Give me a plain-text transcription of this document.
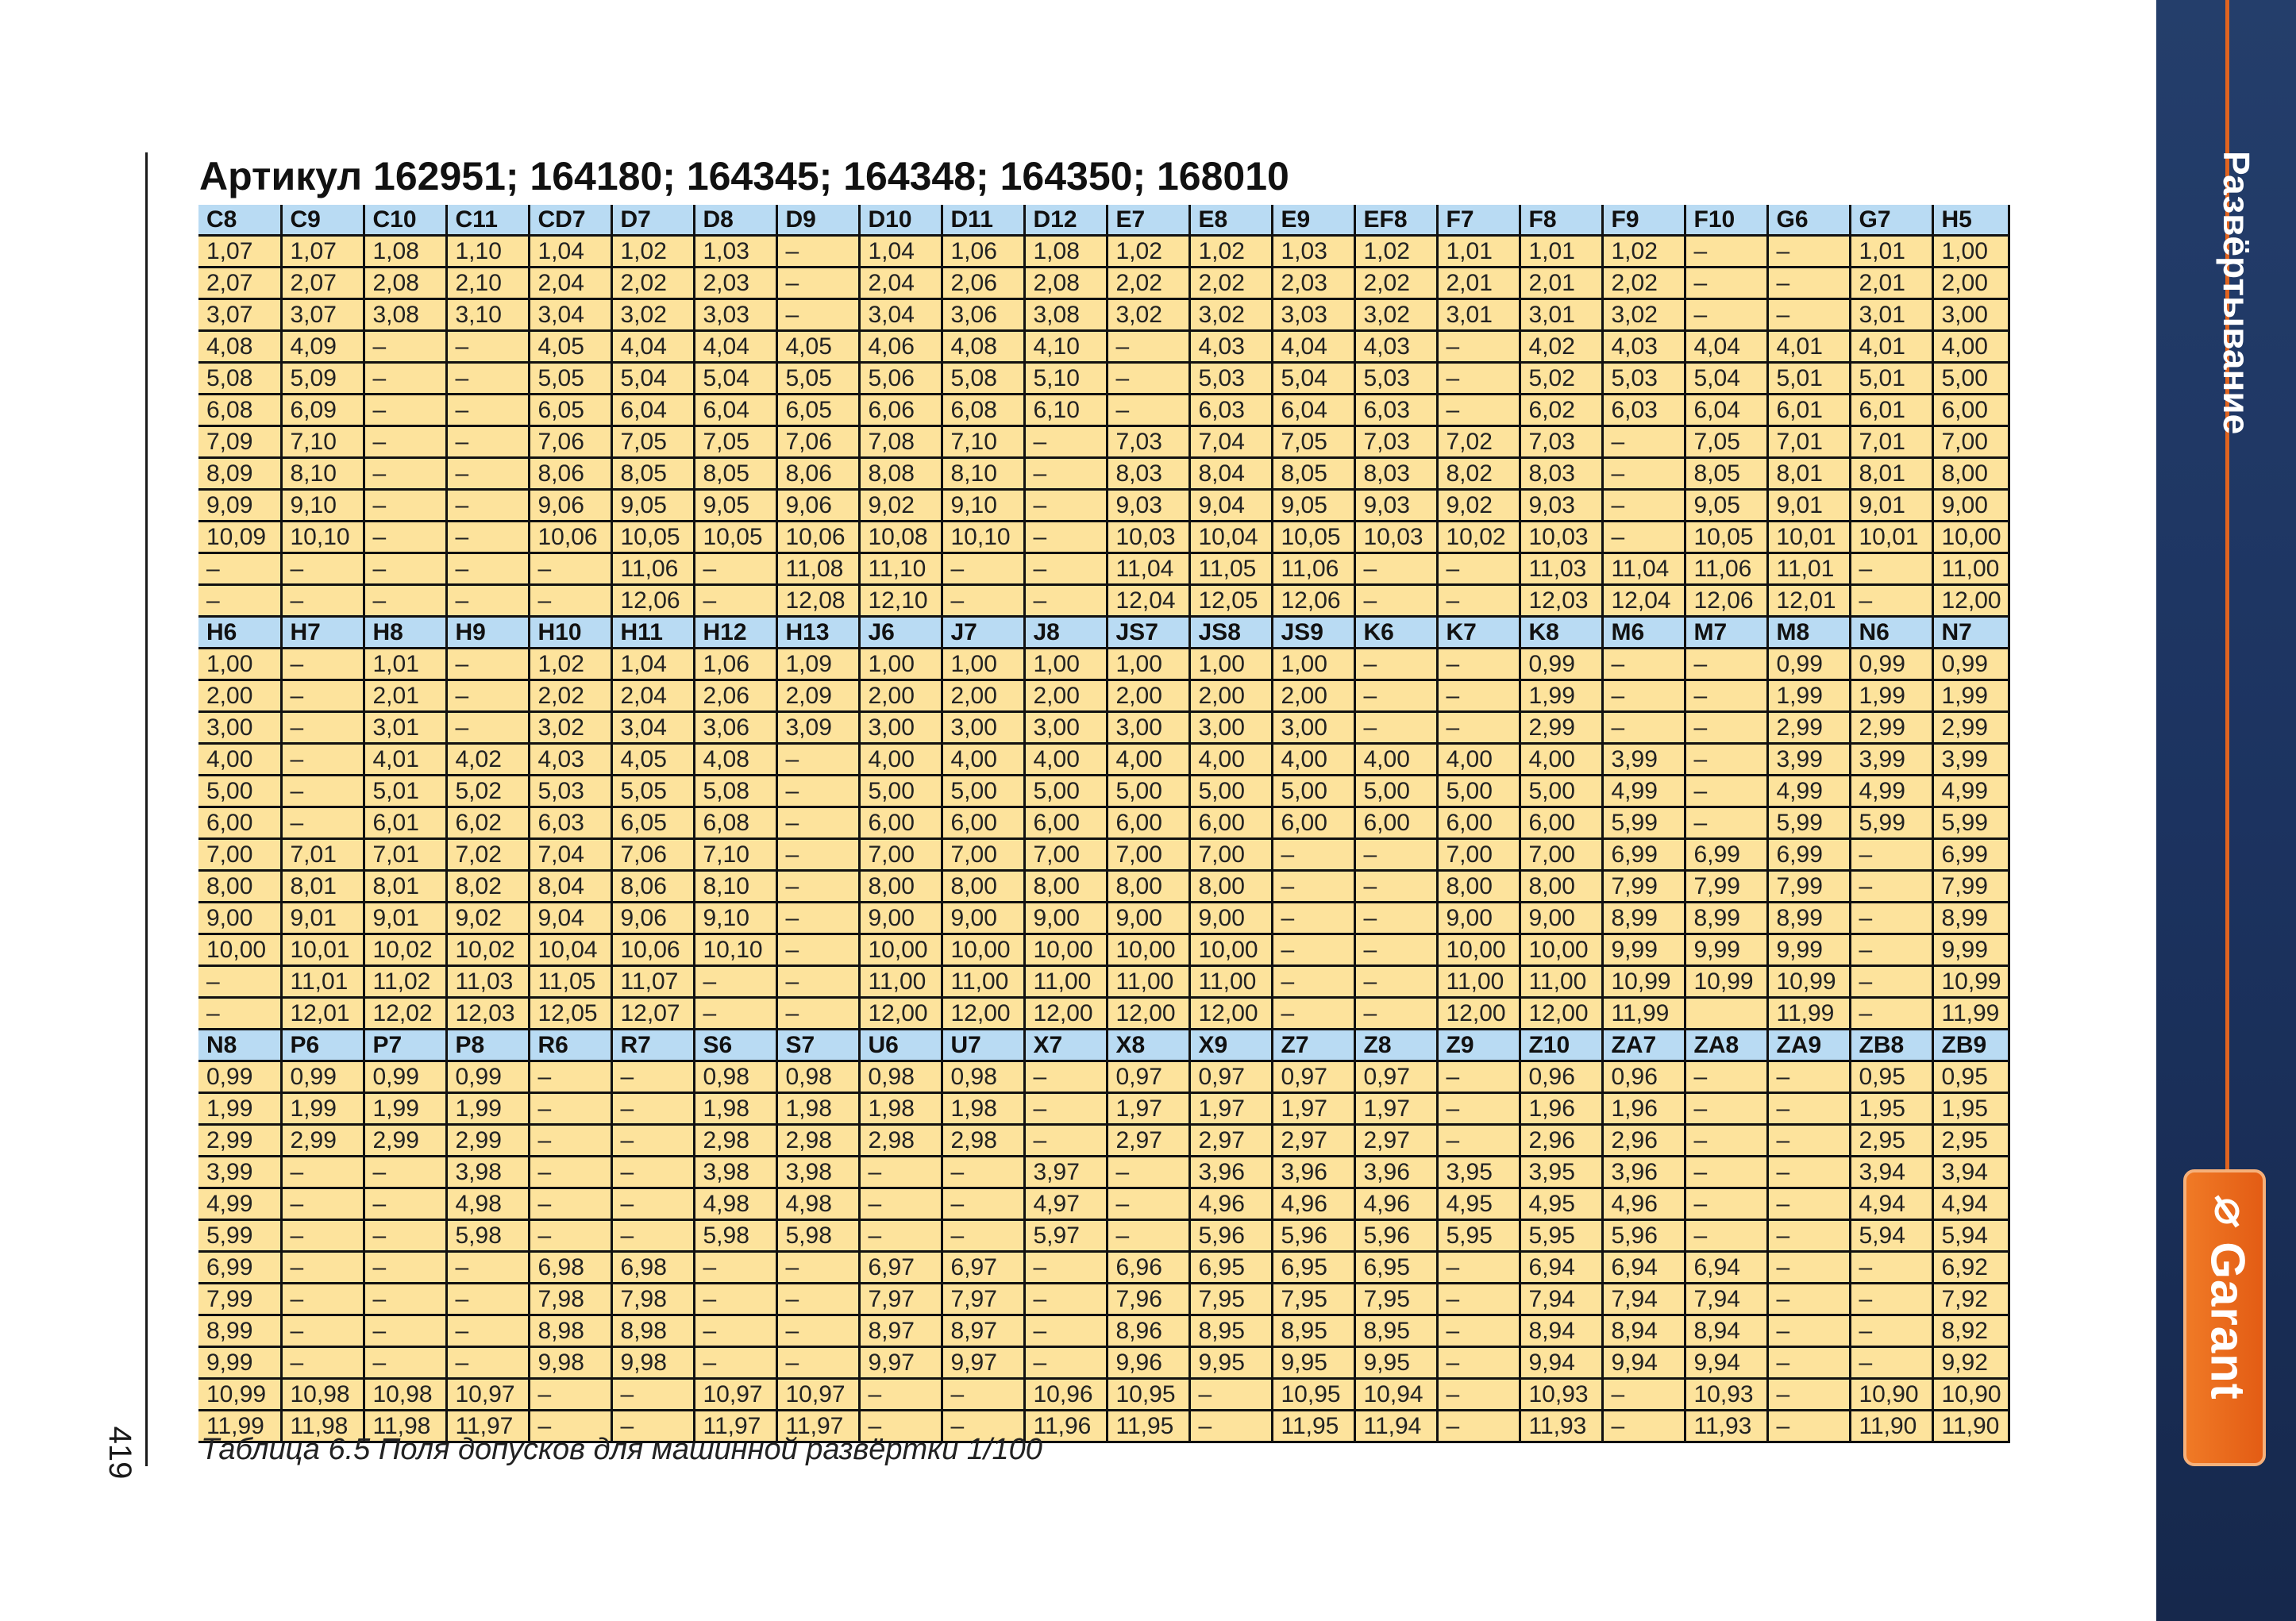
419
Артикул 162951; 164180; 164345; 164348; 164350; 168010
C8	C9	C10	C11	CD7	D7	D8	D9	D10	D11	D12	E7	E8	E9	EF8	F7	F8	F9	F10	G6	G7	H5
1,07	1,07	1,08	1,10	1,04	1,02	1,03	–	1,04	1,06	1,08	1,02	1,02	1,03	1,02	1,01	1,01	1,02	–	–	1,01	1,00
2,07	2,07	2,08	2,10	2,04	2,02	2,03	–	2,04	2,06	2,08	2,02	2,02	2,03	2,02	2,01	2,01	2,02	–	–	2,01	2,00
3,07	3,07	3,08	3,10	3,04	3,02	3,03	–	3,04	3,06	3,08	3,02	3,02	3,03	3,02	3,01	3,01	3,02	–	–	3,01	3,00
4,08	4,09	–	–	4,05	4,04	4,04	4,05	4,06	4,08	4,10	–	4,03	4,04	4,03	–	4,02	4,03	4,04	4,01	4,01	4,00
5,08	5,09	–	–	5,05	5,04	5,04	5,05	5,06	5,08	5,10	–	5,03	5,04	5,03	–	5,02	5,03	5,04	5,01	5,01	5,00
6,08	6,09	–	–	6,05	6,04	6,04	6,05	6,06	6,08	6,10	–	6,03	6,04	6,03	–	6,02	6,03	6,04	6,01	6,01	6,00
7,09	7,10	–	–	7,06	7,05	7,05	7,06	7,08	7,10	–	7,03	7,04	7,05	7,03	7,02	7,03	–	7,05	7,01	7,01	7,00
8,09	8,10	–	–	8,06	8,05	8,05	8,06	8,08	8,10	–	8,03	8,04	8,05	8,03	8,02	8,03	–	8,05	8,01	8,01	8,00
9,09	9,10	–	–	9,06	9,05	9,05	9,06	9,02	9,10	–	9,03	9,04	9,05	9,03	9,02	9,03	–	9,05	9,01	9,01	9,00
10,09	10,10	–	–	10,06	10,05	10,05	10,06	10,08	10,10	–	10,03	10,04	10,05	10,03	10,02	10,03	–	10,05	10,01	10,01	10,00
–	–	–	–	–	11,06	–	11,08	11,10	–	–	11,04	11,05	11,06	–	–	11,03	11,04	11,06	11,01	–	11,00
–	–	–	–	–	12,06	–	12,08	12,10	–	–	12,04	12,05	12,06	–	–	12,03	12,04	12,06	12,01	–	12,00
H6	H7	H8	H9	H10	H11	H12	H13	J6	J7	J8	JS7	JS8	JS9	K6	K7	K8	M6	M7	M8	N6	N7
1,00	–	1,01	–	1,02	1,04	1,06	1,09	1,00	1,00	1,00	1,00	1,00	1,00	–	–	0,99	–	–	0,99	0,99	0,99
2,00	–	2,01	–	2,02	2,04	2,06	2,09	2,00	2,00	2,00	2,00	2,00	2,00	–	–	1,99	–	–	1,99	1,99	1,99
3,00	–	3,01	–	3,02	3,04	3,06	3,09	3,00	3,00	3,00	3,00	3,00	3,00	–	–	2,99	–	–	2,99	2,99	2,99
4,00	–	4,01	4,02	4,03	4,05	4,08	–	4,00	4,00	4,00	4,00	4,00	4,00	4,00	4,00	4,00	3,99	–	3,99	3,99	3,99
5,00	–	5,01	5,02	5,03	5,05	5,08	–	5,00	5,00	5,00	5,00	5,00	5,00	5,00	5,00	5,00	4,99	–	4,99	4,99	4,99
6,00	–	6,01	6,02	6,03	6,05	6,08	–	6,00	6,00	6,00	6,00	6,00	6,00	6,00	6,00	6,00	5,99	–	5,99	5,99	5,99
7,00	7,01	7,01	7,02	7,04	7,06	7,10	–	7,00	7,00	7,00	7,00	7,00	–	–	7,00	7,00	6,99	6,99	6,99	–	6,99
8,00	8,01	8,01	8,02	8,04	8,06	8,10	–	8,00	8,00	8,00	8,00	8,00	–	–	8,00	8,00	7,99	7,99	7,99	–	7,99
9,00	9,01	9,01	9,02	9,04	9,06	9,10	–	9,00	9,00	9,00	9,00	9,00	–	–	9,00	9,00	8,99	8,99	8,99	–	8,99
10,00	10,01	10,02	10,02	10,04	10,06	10,10	–	10,00	10,00	10,00	10,00	10,00	–	–	10,00	10,00	9,99	9,99	9,99	–	9,99
–	11,01	11,02	11,03	11,05	11,07	–	–	11,00	11,00	11,00	11,00	11,00	–	–	11,00	11,00	10,99	10,99	10,99	–	10,99
–	12,01	12,02	12,03	12,05	12,07	–	–	12,00	12,00	12,00	12,00	12,00	–	–	12,00	12,00	11,99		11,99	–	11,99
N8	P6	P7	P8	R6	R7	S6	S7	U6	U7	X7	X8	X9	Z7	Z8	Z9	Z10	ZA7	ZA8	ZA9	ZB8	ZB9
0,99	0,99	0,99	0,99	–	–	0,98	0,98	0,98	0,98	–	0,97	0,97	0,97	0,97	–	0,96	0,96	–	–	0,95	0,95
1,99	1,99	1,99	1,99	–	–	1,98	1,98	1,98	1,98	–	1,97	1,97	1,97	1,97	–	1,96	1,96	–	–	1,95	1,95
2,99	2,99	2,99	2,99	–	–	2,98	2,98	2,98	2,98	–	2,97	2,97	2,97	2,97	–	2,96	2,96	–	–	2,95	2,95
3,99	–	–	3,98	–	–	3,98	3,98	–	–	3,97	–	3,96	3,96	3,96	3,95	3,95	3,96	–	–	3,94	3,94
4,99	–	–	4,98	–	–	4,98	4,98	–	–	4,97	–	4,96	4,96	4,96	4,95	4,95	4,96	–	–	4,94	4,94
5,99	–	–	5,98	–	–	5,98	5,98	–	–	5,97	–	5,96	5,96	5,96	5,95	5,95	5,96	–	–	5,94	5,94
6,99	–	–	–	6,98	6,98	–	–	6,97	6,97	–	6,96	6,95	6,95	6,95	–	6,94	6,94	6,94	–	–	6,92
7,99	–	–	–	7,98	7,98	–	–	7,97	7,97	–	7,96	7,95	7,95	7,95	–	7,94	7,94	7,94	–	–	7,92
8,99	–	–	–	8,98	8,98	–	–	8,97	8,97	–	8,96	8,95	8,95	8,95	–	8,94	8,94	8,94	–	–	8,92
9,99	–	–	–	9,98	9,98	–	–	9,97	9,97	–	9,96	9,95	9,95	9,95	–	9,94	9,94	9,94	–	–	9,92
10,99	10,98	10,98	10,97	–	–	10,97	10,97	–	–	10,96	10,95	–	10,95	10,94	–	10,93	–	10,93	–	10,90	10,90
11,99	11,98	11,98	11,97	–	–	11,97	11,97	–	–	11,96	11,95	–	11,95	11,94	–	11,93	–	11,93	–	11,90	11,90
Таблица 6.5 Поля допусков для машинной развёртки 1/100
Развёртывание
Garant
